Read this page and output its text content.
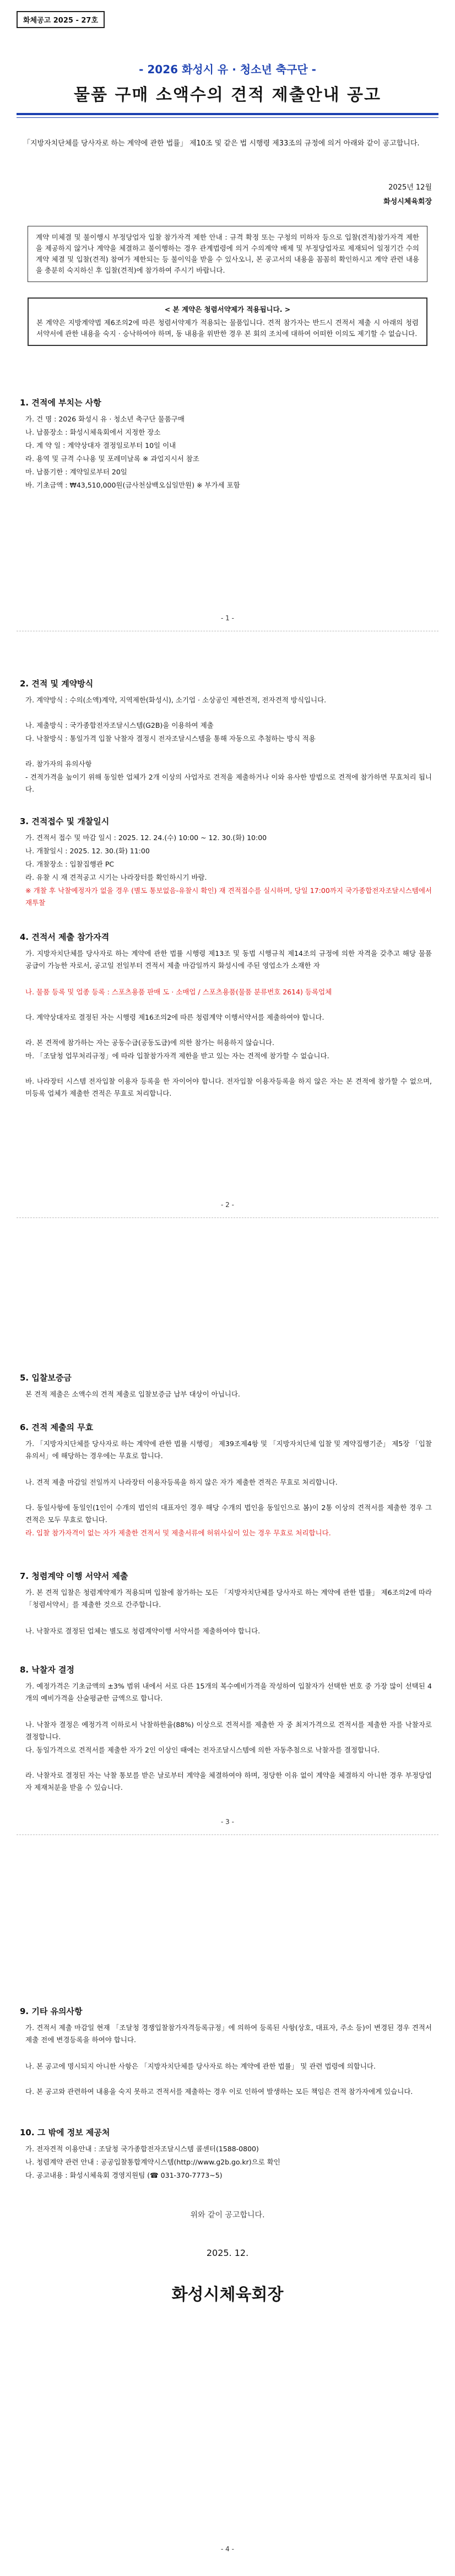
화체공고 2025 - 27호
- 2026 화성시 유 · 청소년 축구단 -
물품 구매 소액수의 견적 제출안내 공고
「지방자치단체를 당사자로 하는 계약에 관한 법률」 제10조 및 같은 법 시행령 제33조의 규정에 의거 아래와 같이 공고합니다.
2025년 12월
화성시체육회장
계약 미체결 및 불이행시 부정당업자 입찰 참가자격 제한 안내 : 규격 확정 또는 구청의 미하자 등으로 입찰(견적)참가자격 제한을 제공하지 않거나 계약을 체결하고 불이행하는 경우 관계법령에 의거 수의계약 배제 및 부정당업자로 제재되어 일정기간 수의계약 체결 및 입찰(견적) 참여가 제한되는 등 불이익을 받을 수 있사오니, 본 공고서의 내용을 꼼꼼히 확인하시고 계약 관련 내용을 충분히 숙지하신 후 입찰(견적)에 참가하여 주시기 바랍니다.
< 본 계약은 청렴서약제가 적용됩니다. >
본 계약은 지방계약법 제6조의2에 따른 청렴서약제가 적용되는 물품입니다. 견적 참가자는 반드시 견적서 제출 시 아래의 청렴서약서에 관한 내용을 숙지 · 승낙하여야 하며, 동 내용을 위반한 경우 본 회의 조치에 대하여 어떠한 이의도 제기할 수 없습니다.
1. 견적에 부치는 사항
가. 건 명 : 2026 화성시 유 · 청소년 축구단 물품구매
나. 납품장소 : 화성시체육회에서 지정한 장소
다. 계 약 일 : 계약상대자 결정일로부터 10일 이내
라. 용역 및 규격 수나용 및 포레미날록 ※ 과업지시서 참조
마. 납품기한 : 계약일로부터 20일
바. 기초금액 : ₩43,510,000원(금사천삼백오십일만원) ※ 부가세 포함
- 1 -
2. 견적 및 계약방식
가. 계약방식 : 수의(소액)계약, 지역제한(화성시), 소기업 · 소상공인 제한견적, 전자견적 방식입니다.
나. 제출방식 : 국가종합전자조달시스템(G2B)을 이용하여 제출
다. 낙찰방식 : 통일가격 입찰 낙찰자 결정시 전자조달시스템을 통해 자동으로 추첨하는 방식 적용
라. 참가자의 유의사항
- 견적가격을 높이기 위해 동일한 업체가 2개 이상의 사업자로 견적을 제출하거나 이와 유사한 방법으로 견적에 참가하면 무효처리 됩니다.
3. 견적접수 및 개찰일시
가. 견적서 접수 및 마감 일시 : 2025. 12. 24.(수) 10:00 ~ 12. 30.(화) 10:00
나. 개찰일시 : 2025. 12. 30.(화) 11:00
다. 개찰장소 : 입찰집행관 PC
라. 유찰 시 재 견적공고 시기는 나라장터를 확인하시기 바람.
※ 개찰 후 낙찰예정자가 없을 경우 (별도 통보없음-유찰시 확인) 재 견적접수를 실시하며, 당일 17:00까지 국가종합전자조달시스템에서 재투찰
4. 견적서 제출 참가자격
가. 지방자치단체를 당사자로 하는 계약에 관한 법률 시행령 제13조 및 동법 시행규칙 제14조의 규정에 의한 자격을 갖추고 해당 물품 공급이 가능한 자로서, 공고일 전일부터 견적서 제출 마감일까지 화성시에 주된 영업소가 소재한 자
나. 물품 등록 및 업종 등록 : 스포츠용품 판매 도 · 소매업 / 스포츠용품(물품 분류번호 2614) 등록업체
다. 계약상대자로 결정된 자는 시행령 제16조의2에 따른 청렴계약 이행서약서를 제출하여야 합니다.
라. 본 견적에 참가하는 자는 공동수급(공동도급)에 의한 참가는 허용하지 않습니다.
마. 「조달청 업무처리규정」에 따라 입찰참가자격 제한을 받고 있는 자는 견적에 참가할 수 없습니다.
바. 나라장터 시스템 전자입찰 이용자 등록을 한 자이어야 합니다. 전자입찰 이용자등록을 하지 않은 자는 본 견적에 참가할 수 없으며, 미등록 업체가 제출한 견적은 무효로 처리합니다.
- 2 -
5. 입찰보증금
본 견적 제출은 소액수의 견적 제출로 입찰보증금 납부 대상이 아닙니다.
6. 견적 제출의 무효
가. 「지방자치단체를 당사자로 하는 계약에 관한 법률 시행령」 제39조제4항 및 「지방자치단체 입찰 및 계약집행기준」 제5장 「입찰유의서」에 해당하는 경우에는 무효로 합니다.
나. 견적 제출 마감일 전일까지 나라장터 이용자등록을 하지 않은 자가 제출한 견적은 무효로 처리합니다.
다. 동일사항에 동일인(1인이 수개의 법인의 대표자인 경우 해당 수개의 법인을 동일인으로 봄)이 2통 이상의 견적서를 제출한 경우 그 견적은 모두 무효로 합니다.
라. 입찰 참가자격이 없는 자가 제출한 견적서 및 제출서류에 허위사실이 있는 경우 무효로 처리합니다.
7. 청렴계약 이행 서약서 제출
가. 본 견적 입찰은 청렴계약제가 적용되며 입찰에 참가하는 모든 「지방자치단체를 당사자로 하는 계약에 관한 법률」 제6조의2에 따라 「청렴서약서」를 제출한 것으로 간주합니다.
나. 낙찰자로 결정된 업체는 별도로 청렴계약이행 서약서를 제출하여야 합니다.
8. 낙찰자 결정
가. 예정가격은 기초금액의 ±3% 범위 내에서 서로 다른 15개의 복수예비가격을 작성하여 입찰자가 선택한 번호 중 가장 많이 선택된 4개의 예비가격을 산술평균한 금액으로 합니다.
나. 낙찰자 결정은 예정가격 이하로서 낙찰하한율(88%) 이상으로 견적서를 제출한 자 중 최저가격으로 견적서를 제출한 자를 낙찰자로 결정합니다.
다. 동일가격으로 견적서를 제출한 자가 2인 이상인 때에는 전자조달시스템에 의한 자동추첨으로 낙찰자를 결정합니다.
라. 낙찰자로 결정된 자는 낙찰 통보를 받은 날로부터 계약을 체결하여야 하며, 정당한 이유 없이 계약을 체결하지 아니한 경우 부정당업자 제재처분을 받을 수 있습니다.
- 3 -
9. 기타 유의사항
가. 견적서 제출 마감일 현재 「조달청 경쟁입찰참가자격등록규정」에 의하여 등록된 사항(상호, 대표자, 주소 등)이 변경된 경우 견적서 제출 전에 변경등록을 하여야 합니다.
나. 본 공고에 명시되지 아니한 사항은 「지방자치단체를 당사자로 하는 계약에 관한 법률」 및 관련 법령에 의합니다.
다. 본 공고와 관련하여 내용을 숙지 못하고 견적서를 제출하는 경우 이로 인하여 발생하는 모든 책임은 견적 참가자에게 있습니다.
10. 그 밖에 정보 제공처
가. 전자견적 이용안내 : 조달청 국가종합전자조달시스템 콜센터(1588-0800)
나. 청렴계약 관련 안내 : 공공입찰통합계약시스템(http://www.g2b.go.kr)으로 확인
다. 공고내용 : 화성시체육회 경영지원팀 (☎ 031-370-7773~5)
위와 같이 공고합니다.
2025. 12.
화성시체육회장
- 4 -
